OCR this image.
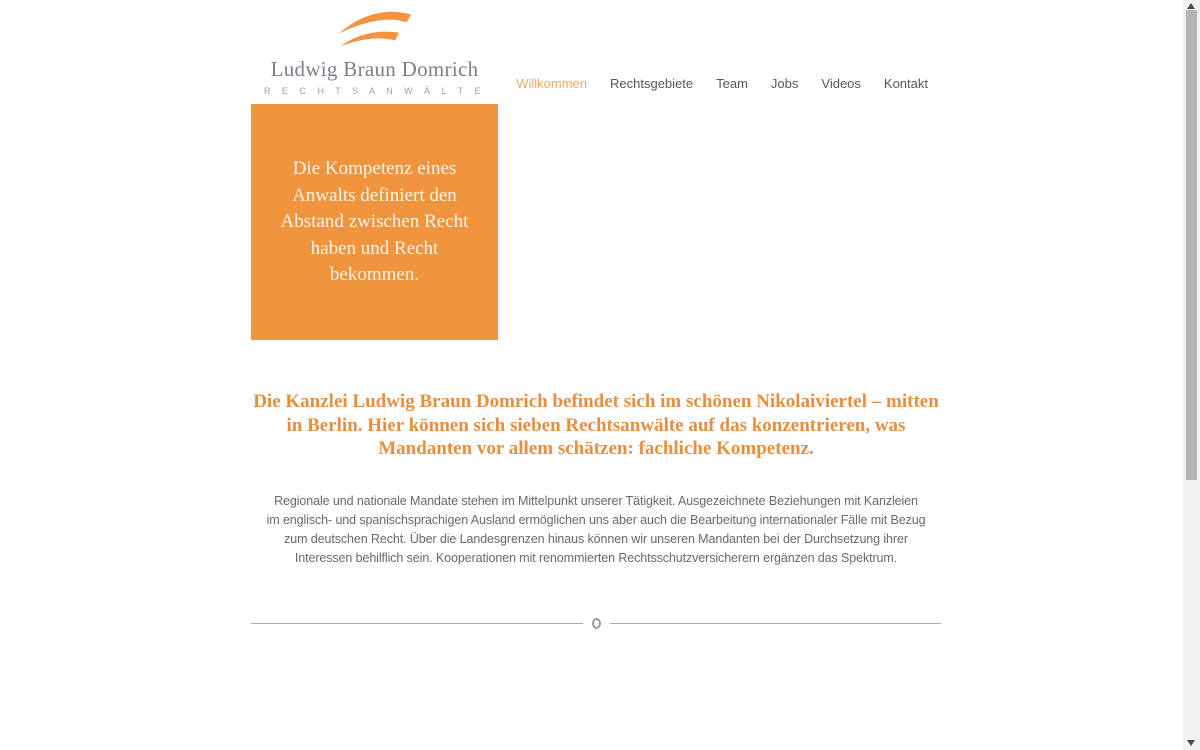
Ludwig Braun Domrich
R E C H T S A N W Ä L T E	Willkommen Rechtsgebiete Team Jobs Videos Kontakt

Die Kompetenz eines Anwalts definiert den Abstand zwischen Recht haben und Recht bekommen.

Die Kanzlei Ludwig Braun Domrich befindet sich im schönen Nikolaiviertel – mitten in Berlin. Hier können sich sieben Rechtsanwälte auf das konzentrieren, was Mandanten vor allem schätzen: fachliche Kompetenz.

Regionale und nationale Mandate stehen im Mittelpunkt unserer Tätigkeit. Ausgezeichnete Beziehungen mit Kanzleien im englisch- und spanischsprachigen Ausland ermöglichen uns aber auch die Bearbeitung internationaler Fälle mit Bezug zum deutschen Recht. Über die Landesgrenzen hinaus können wir unseren Mandanten bei der Durchsetzung ihrer Interessen behilflich sein. Kooperationen mit renommierten Rechtsschutzversicherern ergänzen das Spektrum.
